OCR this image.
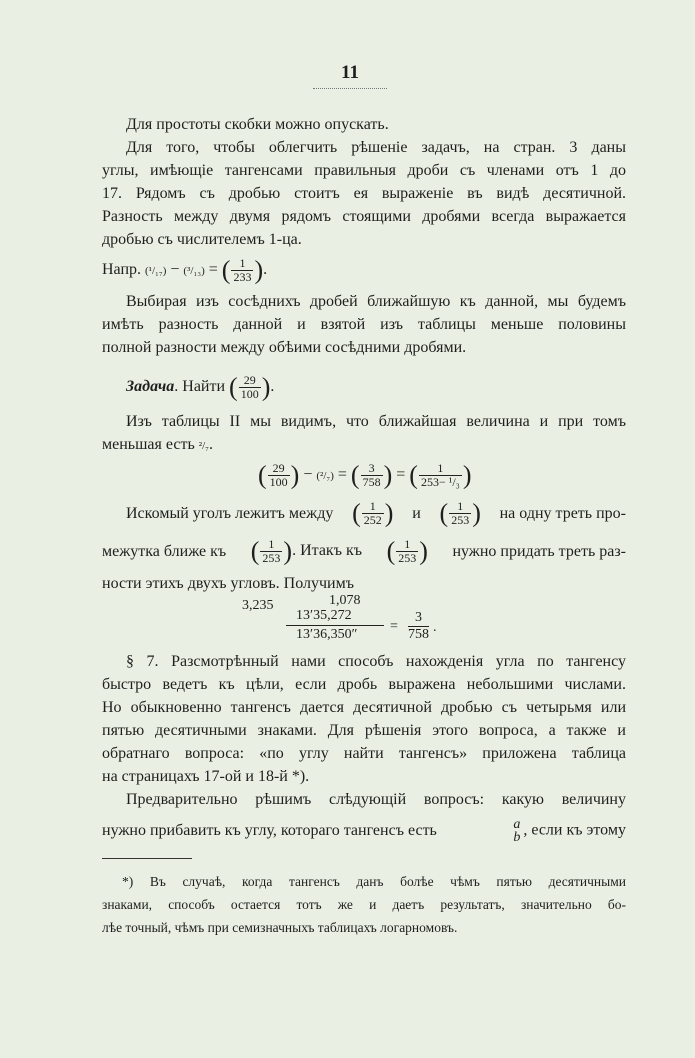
11
Для простоты скобки можно опускать.
Для того, чтобы облегчить рѣшеніе задачъ, на стран. 3 даны
углы, имѣющіе тангенсами правильныя дроби съ членами отъ 1 до
17. Рядомъ съ дробью стоитъ ея выраженіе въ видѣ десятичной.
Разность между двумя рядомъ стоящими дробями всегда выражается
дробью съ числителемъ 1-ца.
Напр. (¹/₁₇) − (³/₁₃) = ( $\frac{1}{233}$ ).
Выбирая изъ сосѣднихъ дробей ближайшую къ данной, мы будемъ
имѣть разность данной и взятой изъ таблицы меньше половины
полной разности между обѣими сосѣдними дробями.
Задача. Найти ( $\frac{29}{100}$ ).
Изъ таблицы II мы видимъ, что ближайшая величина и при томъ
меньшая есть ²/₇.
( $\frac{29}{100}$ ) − (²/₇) = ( $\frac{3}{758}$ ) = ( $\frac{1}{\text{253− ¹/₃}}$ )
Искомый уголъ лежитъ между ( $\frac{1}{252}$ ) и ( $\frac{1}{253}$ ) на одну треть про-
межутка ближе къ ( $\frac{1}{253}$ ). Итакъ къ ( $\frac{1}{253}$ ) нужно придать треть раз-
ности этихъ двухъ угловъ. Получимъ
3,235	1,078
13′35,272
13′36,350″
=
3
758 .
§ 7. Разсмотрѣнный нами способъ нахожденія угла по тангенсу
быстро ведетъ къ цѣли, если дробь выражена небольшими числами.
Но обыкновенно тангенсъ дается десятичной дробью съ четырьмя или
пятью десятичными знаками. Для рѣшенія этого вопроса, а также и
обратнаго вопроса: «по углу найти тангенсъ» приложена таблица
на страницахъ 17-ой и 18-й *).
Предварительно рѣшимъ слѣдующій вопросъ: какую величину
нужно прибавить къ углу, котораго тангенсъ есть	a
b , если къ этому
*) Въ случаѣ, когда тангенсъ данъ болѣе чѣмъ пятью десятичными
знаками, способъ остается тотъ же и даетъ результатъ, значительно бо-
лѣе точный, чѣмъ при семизначныхъ таблицахъ логарномовъ.
